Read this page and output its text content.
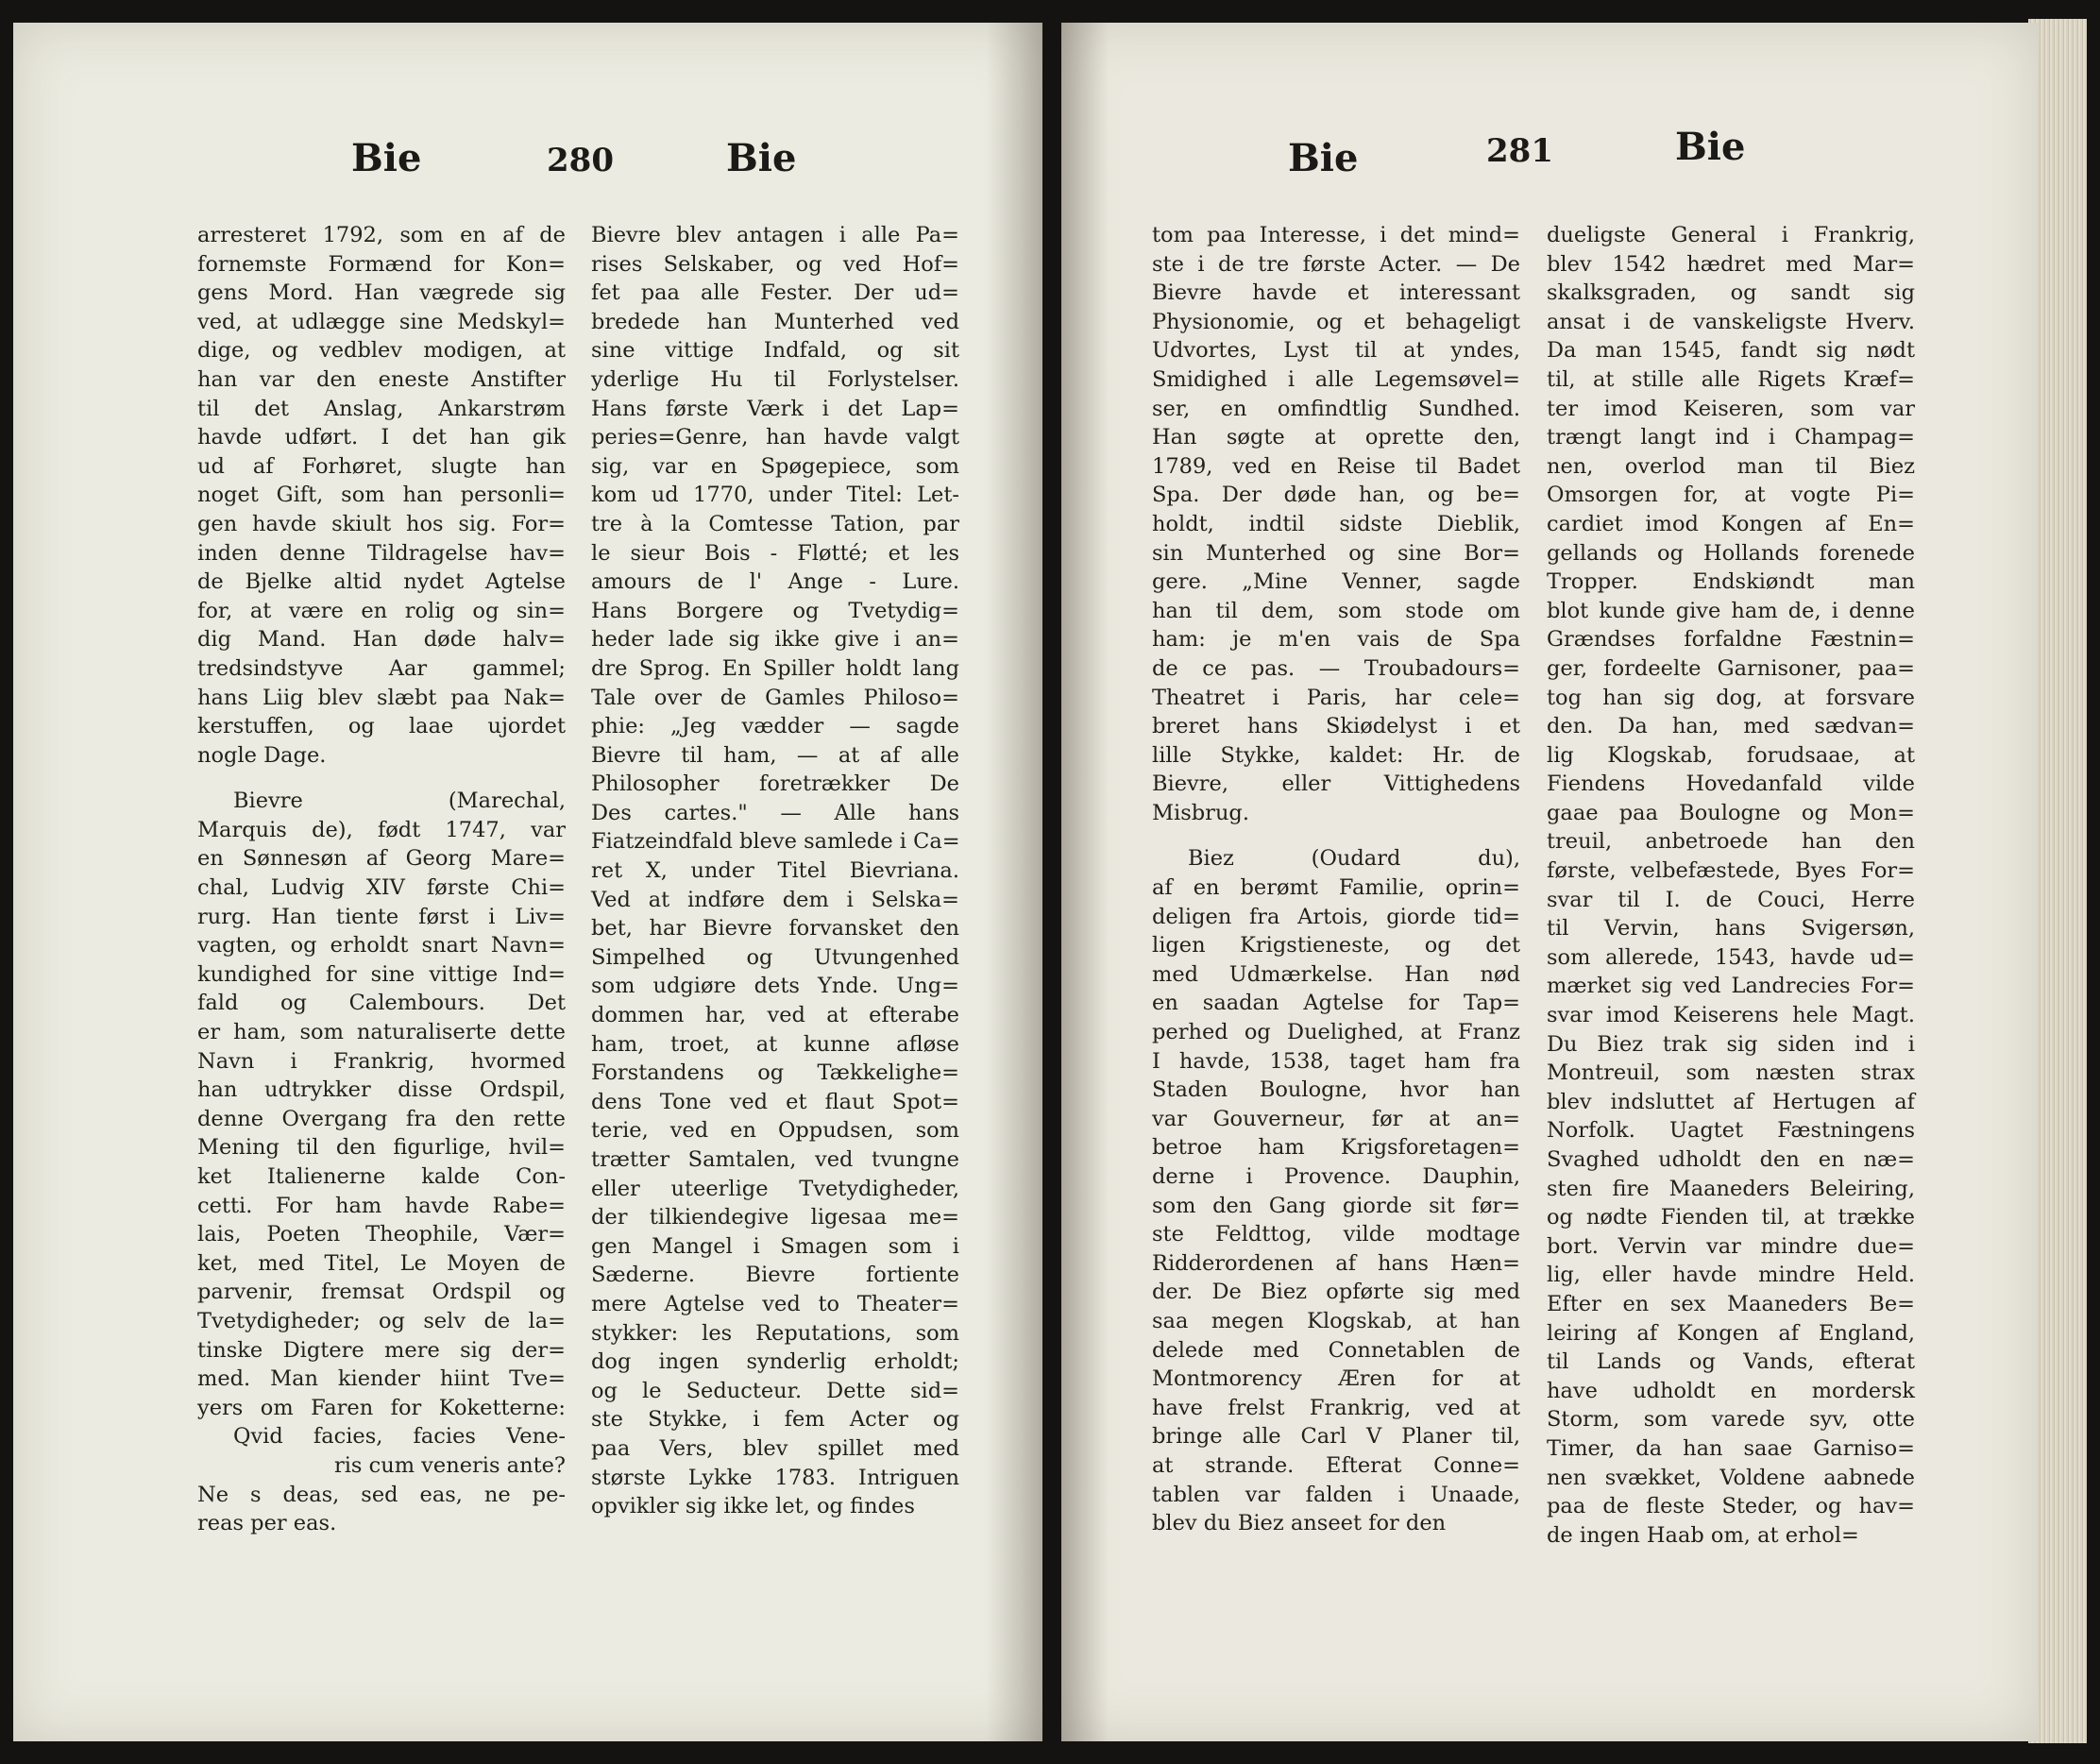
Bie	280	Bie
arresteret 1792, som en af de
fornemste Formænd for Kon=
gens Mord. Han vægrede sig
ved, at udlægge sine Medskyl=
dige, og vedblev modigen, at
han var den eneste Anstifter
til det Anslag, Ankarstrøm
havde udført. I det han gik
ud af Forhøret, slugte han
noget Gift, som han personli=
gen havde skiult hos sig. For=
inden denne Tildragelse hav=
de Bjelke altid nydet Agtelse
for, at være en rolig og sin=
dig Mand. Han døde halv=
tredsindstyve Aar gammel;
hans Liig blev slæbt paa Nak=
kerstuffen, og laae ujordet
nogle Dage.
Bievre (Marechal,
Marquis de), født 1747, var
en Sønnesøn af Georg Mare=
chal, Ludvig XIV første Chi=
rurg. Han tiente først i Liv=
vagten, og erholdt snart Navn=
kundighed for sine vittige Ind=
fald og Calembours. Det
er ham, som naturaliserte dette
Navn i Frankrig, hvormed
han udtrykker disse Ordspil,
denne Overgang fra den rette
Mening til den figurlige, hvil=
ket Italienerne kalde Con-
cetti. For ham havde Rabe=
lais, Poeten Theophile, Vær=
ket, med Titel, Le Moyen de
parvenir, fremsat Ordspil og
Tvetydigheder; og selv de la=
tinske Digtere mere sig der=
med. Man kiender hiint Tve=
yers om Faren for Koketterne:
Qvid facies, facies Vene-
ris cum veneris ante?
Ne s deas, sed eas, ne pe-
reas per eas.
Bievre blev antagen i alle Pa=
rises Selskaber, og ved Hof=
fet paa alle Fester. Der ud=
bredede han Munterhed ved
sine vittige Indfald, og sit
yderlige Hu til Forlystelser.
Hans første Værk i det Lap=
peries=Genre, han havde valgt
sig, var en Spøgepiece, som
kom ud 1770, under Titel: Let-
tre à la Comtesse Tation, par
le sieur Bois - Fløtté; et les
amours de l' Ange - Lure.
Hans Borgere og Tvetydig=
heder lade sig ikke give i an=
dre Sprog. En Spiller holdt lang
Tale over de Gamles Philoso=
phie: „Jeg vædder — sagde
Bievre til ham, — at af alle
Philosopher foretrækker De
Des cartes." — Alle hans
Fiatzeindfald bleve samlede i Ca=
ret X, under Titel Bievriana.
Ved at indføre dem i Selska=
bet, har Bievre forvansket den
Simpelhed og Utvungenhed
som udgiøre dets Ynde. Ung=
dommen har, ved at efterabe
ham, troet, at kunne afløse
Forstandens og Tækkelighe=
dens Tone ved et flaut Spot=
terie, ved en Oppudsen, som
trætter Samtalen, ved tvungne
eller uteerlige Tvetydigheder,
der tilkiendegive ligesaa me=
gen Mangel i Smagen som i
Sæderne. Bievre fortiente
mere Agtelse ved to Theater=
stykker: les Reputations, som
dog ingen synderlig erholdt;
og le Seducteur. Dette sid=
ste Stykke, i fem Acter og
paa Vers, blev spillet med
største Lykke 1783. Intriguen
opvikler sig ikke let, og findes
Bie	281	Bie
tom paa Interesse, i det mind=
ste i de tre første Acter. — De
Bievre havde et interessant
Physionomie, og et behageligt
Udvortes, Lyst til at yndes,
Smidighed i alle Legemsøvel=
ser, en omfindtlig Sundhed.
Han søgte at oprette den,
1789, ved en Reise til Badet
Spa. Der døde han, og be=
holdt, indtil sidste Dieblik,
sin Munterhed og sine Bor=
gere. „Mine Venner, sagde
han til dem, som stode om
ham: je m'en vais de Spa
de ce pas. — Troubadours=
Theatret i Paris, har cele=
breret hans Skiødelyst i et
lille Stykke, kaldet: Hr. de
Bievre, eller Vittighedens
Misbrug.
Biez (Oudard du),
af en berømt Familie, oprin=
deligen fra Artois, giorde tid=
ligen Krigstieneste, og det
med Udmærkelse. Han nød
en saadan Agtelse for Tap=
perhed og Duelighed, at Franz
I havde, 1538, taget ham fra
Staden Boulogne, hvor han
var Gouverneur, før at an=
betroe ham Krigsforetagen=
derne i Provence. Dauphin,
som den Gang giorde sit før=
ste Feldttog, vilde modtage
Ridderordenen af hans Hæn=
der. De Biez opførte sig med
saa megen Klogskab, at han
delede med Connetablen de
Montmorency Æren for at
have frelst Frankrig, ved at
bringe alle Carl V Planer til,
at strande. Efterat Conne=
tablen var falden i Unaade,
blev du Biez anseet for den
dueligste General i Frankrig,
blev 1542 hædret med Mar=
skalksgraden, og sandt sig
ansat i de vanskeligste Hverv.
Da man 1545, fandt sig nødt
til, at stille alle Rigets Kræf=
ter imod Keiseren, som var
trængt langt ind i Champag=
nen, overlod man til Biez
Omsorgen for, at vogte Pi=
cardiet imod Kongen af En=
gellands og Hollands forenede
Tropper. Endskiøndt man
blot kunde give ham de, i denne
Grændses forfaldne Fæstnin=
ger, fordeelte Garnisoner, paa=
tog han sig dog, at forsvare
den. Da han, med sædvan=
lig Klogskab, forudsaae, at
Fiendens Hovedanfald vilde
gaae paa Boulogne og Mon=
treuil, anbetroede han den
første, velbefæstede, Byes For=
svar til I. de Couci, Herre
til Vervin, hans Svigersøn,
som allerede, 1543, havde ud=
mærket sig ved Landrecies For=
svar imod Keiserens hele Magt.
Du Biez trak sig siden ind i
Montreuil, som næsten strax
blev indsluttet af Hertugen af
Norfolk. Uagtet Fæstningens
Svaghed udholdt den en næ=
sten fire Maaneders Beleiring,
og nødte Fienden til, at trække
bort. Vervin var mindre due=
lig, eller havde mindre Held.
Efter en sex Maaneders Be=
leiring af Kongen af England,
til Lands og Vands, efterat
have udholdt en mordersk
Storm, som varede syv, otte
Timer, da han saae Garniso=
nen svækket, Voldene aabnede
paa de fleste Steder, og hav=
de ingen Haab om, at erhol=
